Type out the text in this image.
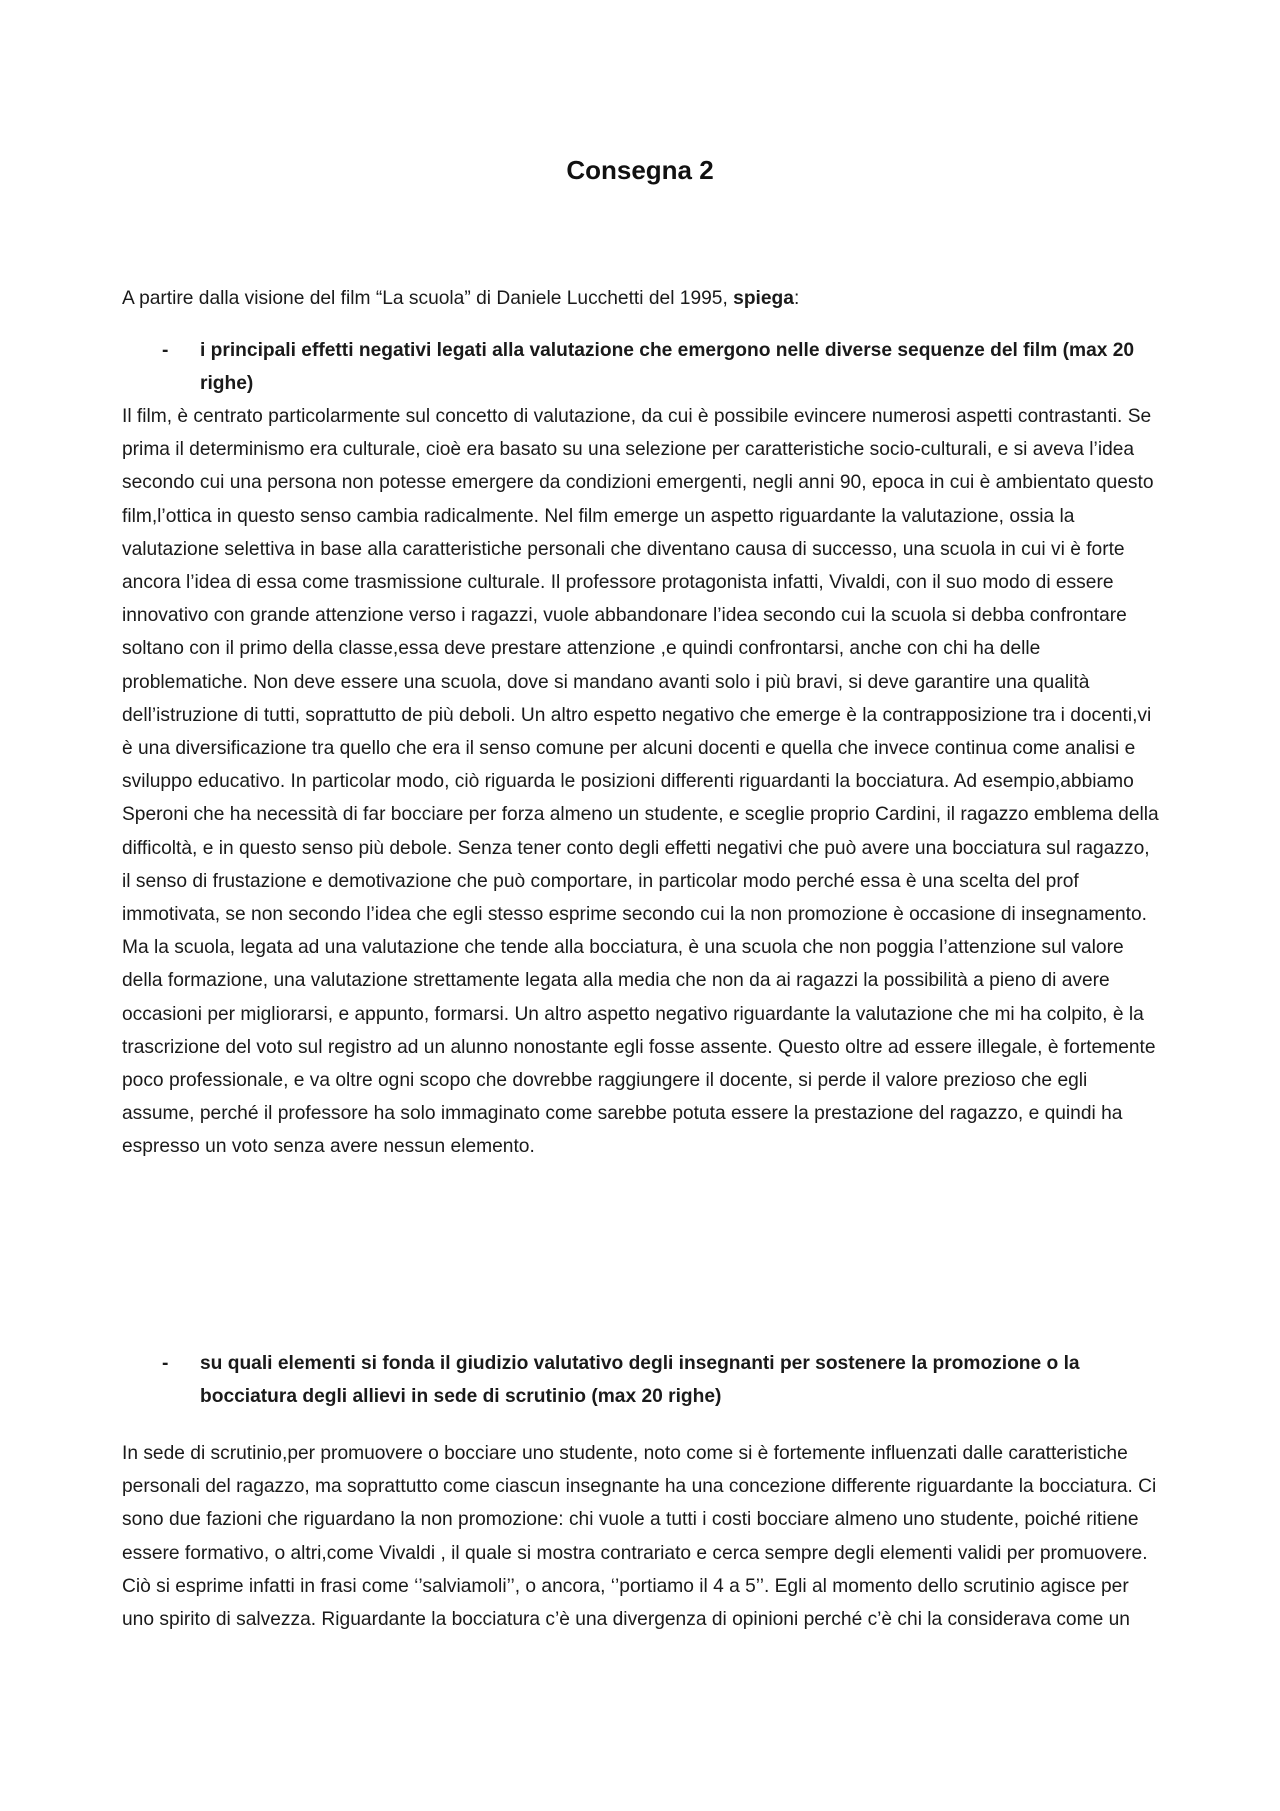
Consegna 2

A partire dalla visione del film “La scuola” di Daniele Lucchetti del 1995, spiega:

-	i principali effetti negativi legati alla valutazione che emergono nelle diverse sequenze del film (max 20 righe)

Il film, è centrato particolarmente sul concetto di valutazione, da cui è possibile evincere numerosi aspetti contrastanti. Se prima il determinismo era culturale, cioè era basato su una selezione per caratteristiche socio-culturali, e si aveva l’idea secondo cui una persona non potesse emergere da condizioni emergenti, negli anni 90, epoca in cui è ambientato questo film,l’ottica in questo senso cambia radicalmente. Nel film emerge un aspetto riguardante la valutazione, ossia la valutazione selettiva in base alla caratteristiche personali che diventano causa di successo, una scuola in cui vi è forte ancora l’idea di essa come trasmissione culturale. Il professore protagonista infatti, Vivaldi, con il suo modo di essere innovativo con grande attenzione verso i ragazzi, vuole abbandonare l’idea secondo cui la scuola si debba confrontare soltano con il primo della classe,essa deve prestare attenzione ,e quindi confrontarsi, anche con chi ha delle problematiche. Non deve essere una scuola, dove si mandano avanti solo i più bravi, si deve garantire una qualità dell’istruzione di tutti, soprattutto de più deboli. Un altro espetto negativo che emerge è la contrapposizione tra i docenti,vi è una diversificazione tra quello che era il senso comune per alcuni docenti e quella che invece continua come analisi e sviluppo educativo. In particolar modo, ciò riguarda le posizioni differenti riguardanti la bocciatura. Ad esempio,abbiamo Speroni che ha necessità di far bocciare per forza almeno un studente, e sceglie proprio Cardini, il ragazzo emblema della difficoltà, e in questo senso più debole. Senza tener conto degli effetti negativi che può avere una bocciatura sul ragazzo, il senso di frustazione e demotivazione che può comportare, in particolar modo perché essa è una scelta del prof immotivata, se non secondo l’idea che egli stesso esprime secondo cui la non promozione è occasione di insegnamento. Ma la scuola, legata ad una valutazione che tende alla bocciatura, è una scuola che non poggia l’attenzione sul valore della formazione, una valutazione strettamente legata alla media che non da ai ragazzi la possibilità a pieno di avere occasioni per migliorarsi, e appunto, formarsi. Un altro aspetto negativo riguardante la valutazione che mi ha colpito, è la trascrizione del voto sul registro ad un alunno nonostante egli fosse assente. Questo oltre ad essere illegale, è fortemente poco professionale, e va oltre ogni scopo che dovrebbe raggiungere il docente, si perde il valore prezioso che egli assume, perché il professore ha solo immaginato come sarebbe potuta essere la prestazione del ragazzo, e quindi ha espresso un voto senza avere nessun elemento.

-	su quali elementi si fonda il giudizio valutativo degli insegnanti per sostenere la promozione o la bocciatura degli allievi in sede di scrutinio (max 20 righe)

In sede di scrutinio,per promuovere o bocciare uno studente, noto come si è fortemente influenzati dalle caratteristiche personali del ragazzo, ma soprattutto come ciascun insegnante ha una concezione differente riguardante la bocciatura. Ci sono due fazioni che riguardano la non promozione: chi vuole a tutti i costi bocciare almeno uno studente, poiché ritiene essere formativo, o altri,come Vivaldi , il quale si mostra contrariato e cerca sempre degli elementi validi per promuovere. Ciò si esprime infatti in frasi come ‘’salviamoli’’, o ancora, ‘’portiamo il 4 a 5’’. Egli al momento dello scrutinio agisce per uno spirito di salvezza. Riguardante la bocciatura c’è una divergenza di opinioni perché c’è chi la considerava come un
